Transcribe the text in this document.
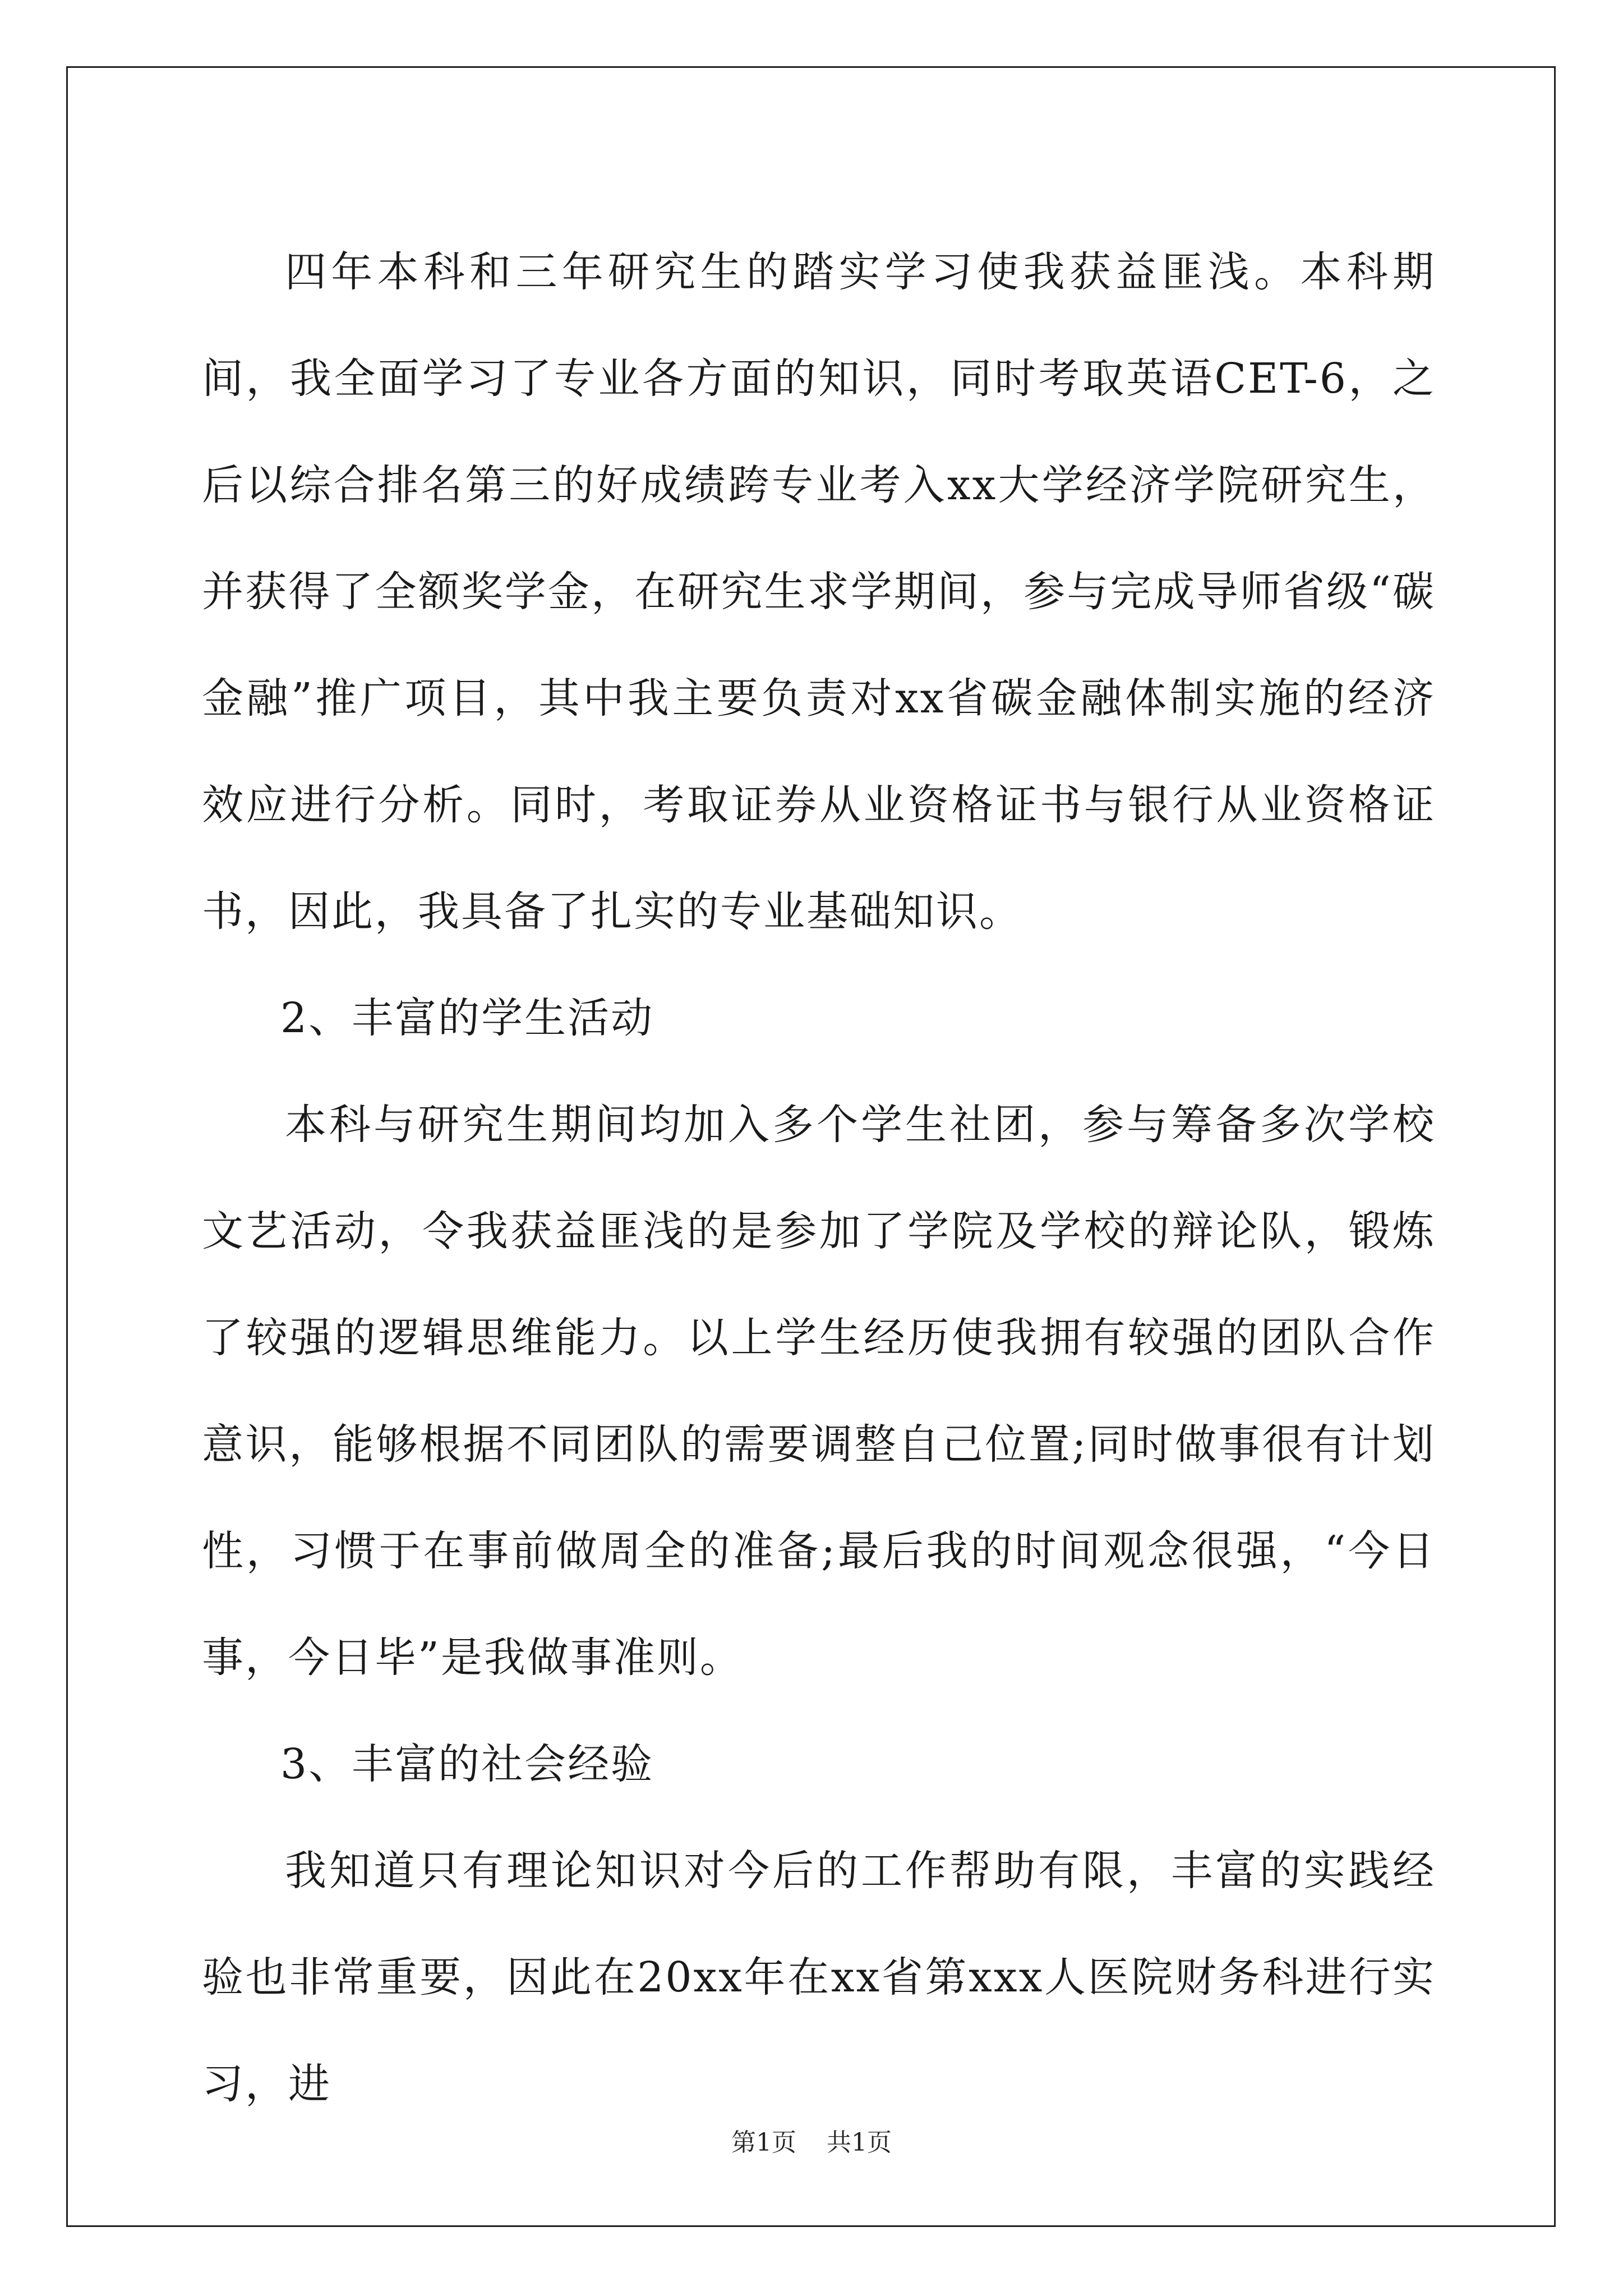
四年本科和三年研究生的踏实学习使我获益匪浅。本科期间，我全面学习了专业各方面的知识，同时考取英语CET-6，之后以综合排名第三的好成绩跨专业考入xx大学经济学院研究生，并获得了全额奖学金，在研究生求学期间，参与完成导师省级“碳金融”推广项目，其中我主要负责对xx省碳金融体制实施的经济效应进行分析。同时，考取证券从业资格证书与银行从业资格证书，因此，我具备了扎实的专业基础知识。

2、丰富的学生活动

本科与研究生期间均加入多个学生社团，参与筹备多次学校文艺活动，令我获益匪浅的是参加了学院及学校的辩论队，锻炼了较强的逻辑思维能力。以上学生经历使我拥有较强的团队合作意识，能够根据不同团队的需要调整自己位置;同时做事很有计划性，习惯于在事前做周全的准备;最后我的时间观念很强，“今日事，今日毕”是我做事准则。

3、丰富的社会经验

我知道只有理论知识对今后的工作帮助有限，丰富的实践经验也非常重要，因此在20xx年在xx省第xxx人医院财务科进行实习，进

第1页 共1页
